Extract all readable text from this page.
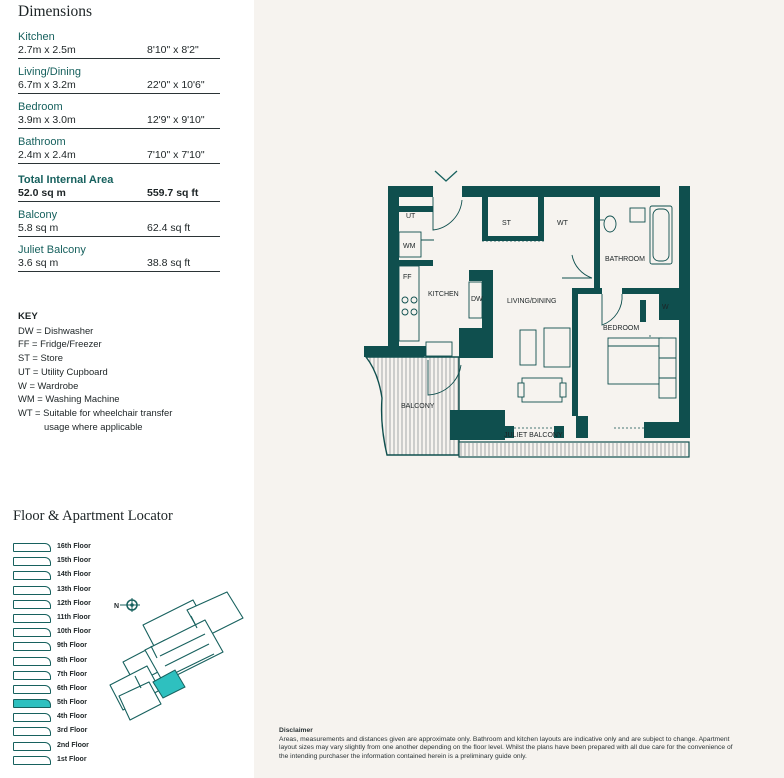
Dimensions
Kitchen
2.7m x 2.5m	8'10" x 8'2"
Living/Dining
6.7m x 3.2m	22'0" x 10'6"
Bedroom
3.9m x 3.0m	12'9" x 9'10"
Bathroom
2.4m x 2.4m	7'10" x 7'10"
Total Internal Area
52.0 sq m	559.7 sq ft
Balcony
5.8 sq m	62.4 sq ft
Juliet Balcony
3.6 sq m	38.8 sq ft
KEY
DW = Dishwasher
FF = Fridge/Freezer
ST = Store
UT = Utility Cupboard
W = Wardrobe
WM = Washing Machine
WT = Suitable for wheelchair transfer
usage where applicable
Floor & Apartment Locator
16th Floor
15th Floor
14th Floor
13th Floor
12th Floor
11th Floor
10th Floor
9th Floor
8th Floor
7th Floor
6th Floor
5th Floor
4th Floor
3rd Floor
2nd Floor
1st Floor
N
UT
WM
FF
KITCHEN
DW
ST	WT
LIVING/DINING
BATHROOM
BEDROOM
W
BALCONY
JULIET BALCONY
Disclaimer
Areas, measurements and distances given are approximate only. Bathroom and kitchen layouts are indicative only and are subject to change. Apartment layout sizes may vary slightly from one another depending on the floor level. Whilst the plans have been prepared with all due care for the convenience of the intending purchaser the information contained herein is a preliminary guide only.
